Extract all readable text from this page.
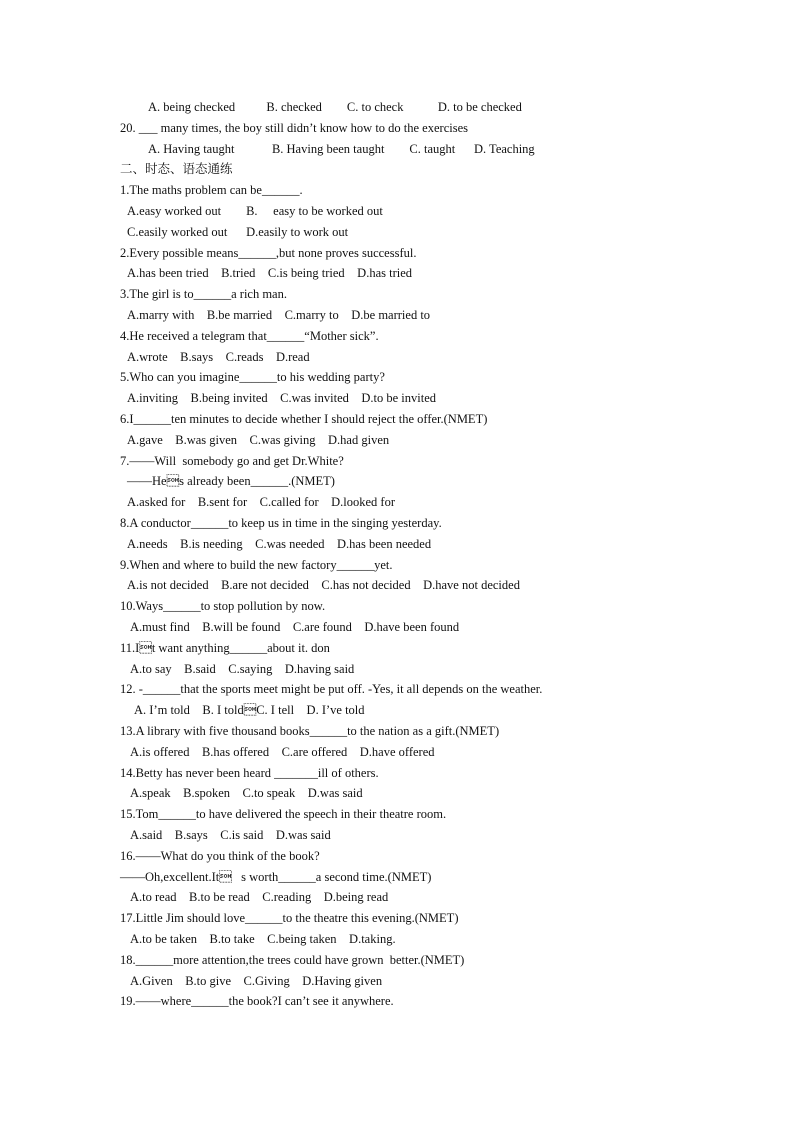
A. being checked          B. checked        C. to check           D. to be checked
20. ___ many times, the boy still didn’t know how to do the exercises
A. Having taught            B. Having been taught        C. taught      D. Teaching
二、时态、语态通练
1.The maths problem can be______.
A.easy worked out        B.     easy to be worked out
C.easily worked out      D.easily to work out
2.Every possible means______,but none proves successful.
A.has been tried    B.tried    C.is being tried    D.has tried
3.The girl is to______a rich man.
A.marry with    B.be married    C.marry to    D.be married to
4.He received a telegram that______“Mother sick”.
A.wrote    B.says    C.reads    D.read
5.Who can you imagine______to his wedding party?
A.inviting    B.being invited    C.was invited    D.to be invited
6.I______ten minutes to decide whether I should reject the offer.(NMET)
A.gave    B.was given    C.was giving    D.had given
7.——Will  somebody go and get Dr.White?
——Hes already been______.(NMET)
A.asked for    B.sent for    C.called for    D.looked for
8.A conductor______to keep us in time in the singing yesterday.
A.needs    B.is needing    C.was needed    D.has been needed
9.When and where to build the new factory______yet.
A.is not decided    B.are not decided    C.has not decided    D.have not decided
10.Ways______to stop pollution by now.
A.must find    B.will be found    C.are found    D.have been found
11.It want anything______about it. don
A.to say    B.said    C.saying    D.having said
12. -______that the sports meet might be put off. -Yes, it all depends on the weather.
A. I’m told    B. I toldC. I tell    D. I’ve told
13.A library with five thousand books______to the nation as a gift.(NMET)
A.is offered    B.has offered    C.are offered    D.have offered
14.Betty has never been heard _______ill of others.
A.speak    B.spoken    C.to speak    D.was said
15.Tom______to have delivered the speech in their theatre room.
A.said    B.says    C.is said    D.was said
16.——What do you think of the book?
——Oh,excellent.It   s worth______a second time.(NMET)
A.to read    B.to be read    C.reading    D.being read
17.Little Jim should love______to the theatre this evening.(NMET)
A.to be taken    B.to take    C.being taken    D.taking.
18.______more attention,the trees could have grown  better.(NMET)
A.Given    B.to give    C.Giving    D.Having given
19.——where______the book?I can’t see it anywhere.
